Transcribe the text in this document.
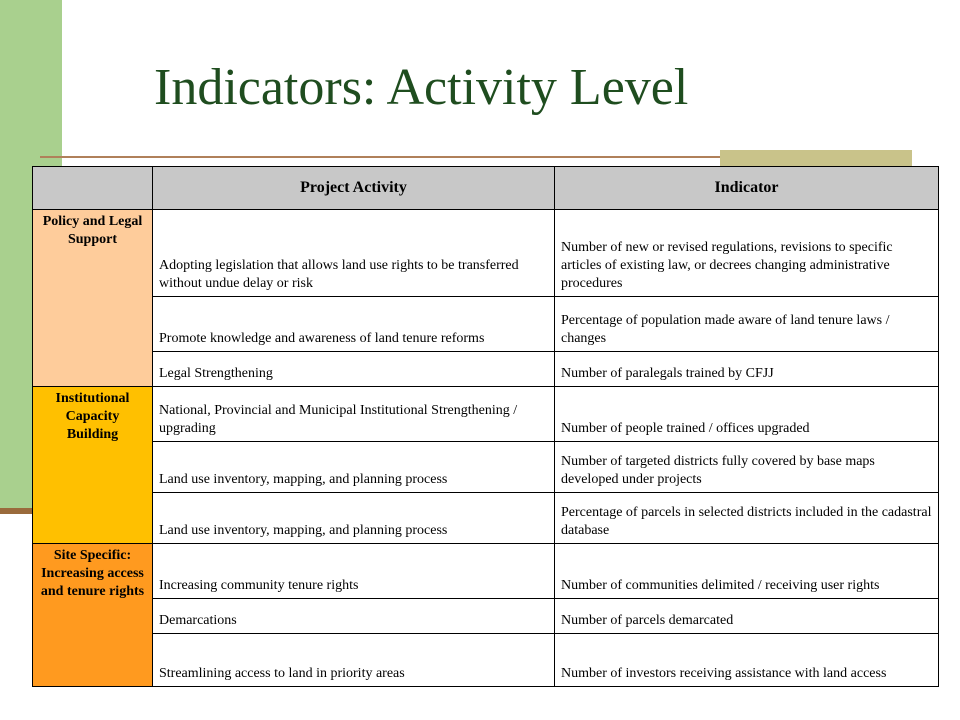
Indicators: Activity Level
	Project Activity	Indicator
Policy and Legal Support	Adopting legislation that allows land use rights to be transferred without undue delay or risk	Number of new or revised regulations, revisions to specific articles of existing law, or decrees changing administrative procedures
	Promote knowledge and awareness of land tenure reforms	Percentage of population made aware of land tenure laws / changes
	Legal Strengthening	Number of paralegals trained by CFJJ
Institutional Capacity Building	National, Provincial and Municipal Institutional Strengthening / upgrading	Number of people trained / offices upgraded
	Land use inventory, mapping, and planning process	Number of targeted districts fully covered by base maps developed under projects
	Land use inventory, mapping, and planning process	Percentage of parcels in selected districts included in the cadastral database
Site Specific: Increasing access and tenure rights	Increasing community tenure rights	Number of communities delimited / receiving user rights
	Demarcations	Number of parcels demarcated
	Streamlining access to land in priority areas	Number of investors receiving assistance with land access
